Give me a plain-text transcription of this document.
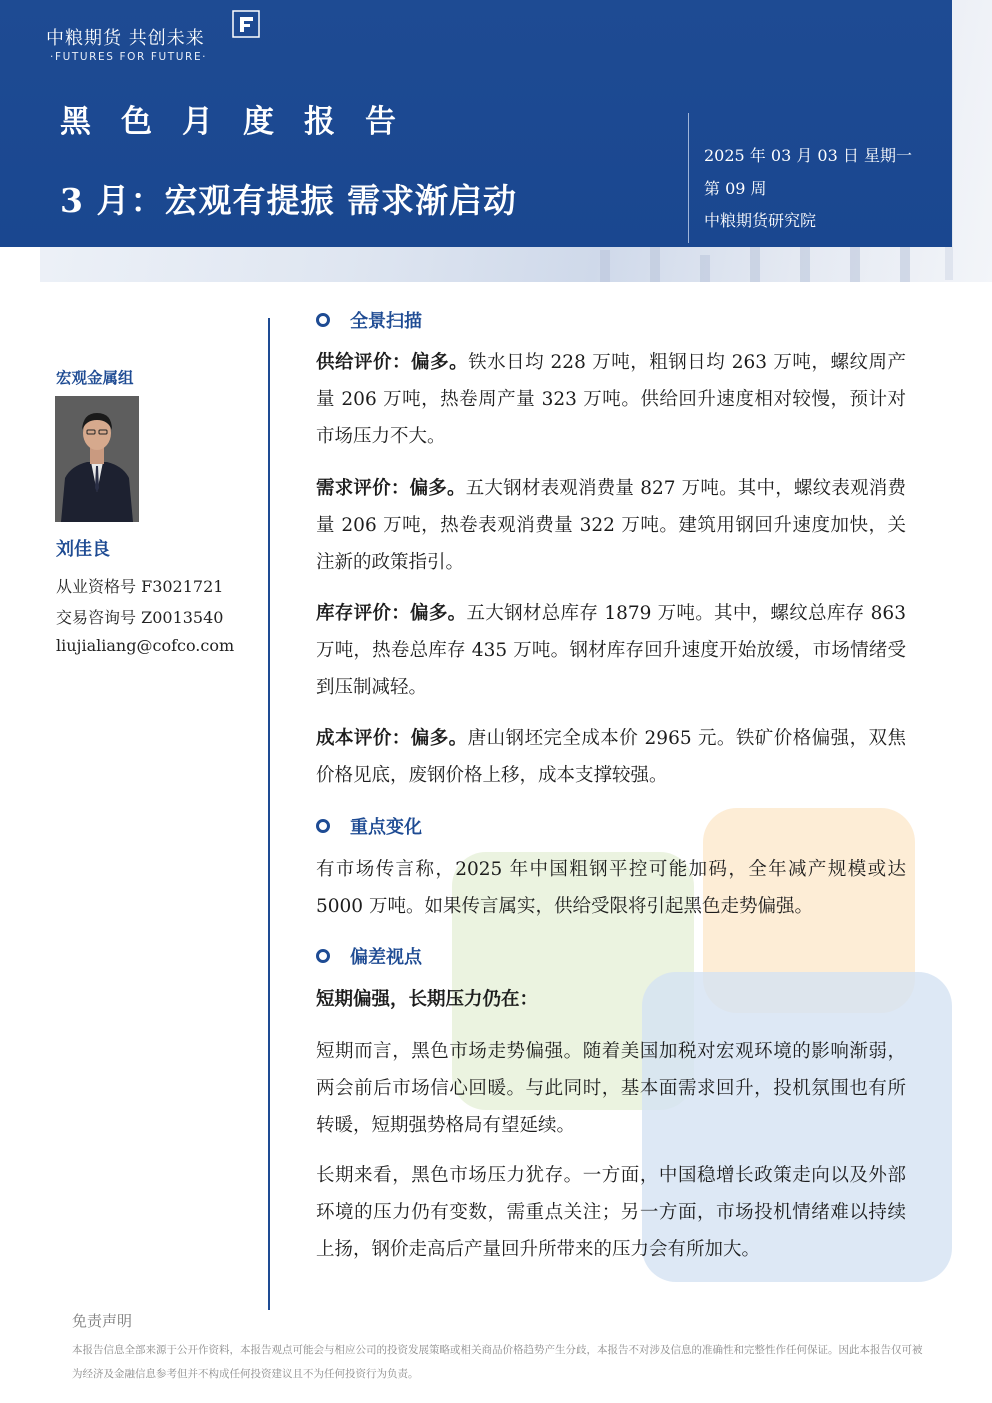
中粮期货 共创未来
·FUTURES FOR FUTURE·
黑色月度报告
3 月：宏观有提振 需求渐启动
2025 年 03 月 03 日 星期一
第 09 周
中粮期货研究院
宏观金属组
刘佳良
从业资格号 F3021721
交易咨询号 Z0013540
liujialiang@cofco.com
全景扫描
供给评价：偏多。铁水日均 228 万吨，粗钢日均 263 万吨，螺纹周产量 206 万吨，热卷周产量 323 万吨。供给回升速度相对较慢，预计对市场压力不大。
需求评价：偏多。五大钢材表观消费量 827 万吨。其中，螺纹表观消费量 206 万吨，热卷表观消费量 322 万吨。建筑用钢回升速度加快，关注新的政策指引。
库存评价：偏多。五大钢材总库存 1879 万吨。其中，螺纹总库存 863 万吨，热卷总库存 435 万吨。钢材库存回升速度开始放缓，市场情绪受到压制减轻。
成本评价：偏多。唐山钢坯完全成本价 2965 元。铁矿价格偏强，双焦价格见底，废钢价格上移，成本支撑较强。
重点变化
有市场传言称，2025 年中国粗钢平控可能加码，全年减产规模或达 5000 万吨。如果传言属实，供给受限将引起黑色走势偏强。
偏差视点
短期偏强，长期压力仍在：
短期而言，黑色市场走势偏强。随着美国加税对宏观环境的影响渐弱，两会前后市场信心回暖。与此同时，基本面需求回升，投机氛围也有所转暖，短期强势格局有望延续。
长期来看，黑色市场压力犹存。一方面，中国稳增长政策走向以及外部环境的压力仍有变数，需重点关注；另一方面，市场投机情绪难以持续上扬，钢价走高后产量回升所带来的压力会有所加大。
免责声明
本报告信息全部来源于公开作资料，本报告观点可能会与相应公司的投资发展策略或相关商品价格趋势产生分歧，本报告不对涉及信息的准确性和完整性作任何保证。因此本报告仅可被为经济及金融信息参考但并不构成任何投资建议且不为任何投资行为负责。
